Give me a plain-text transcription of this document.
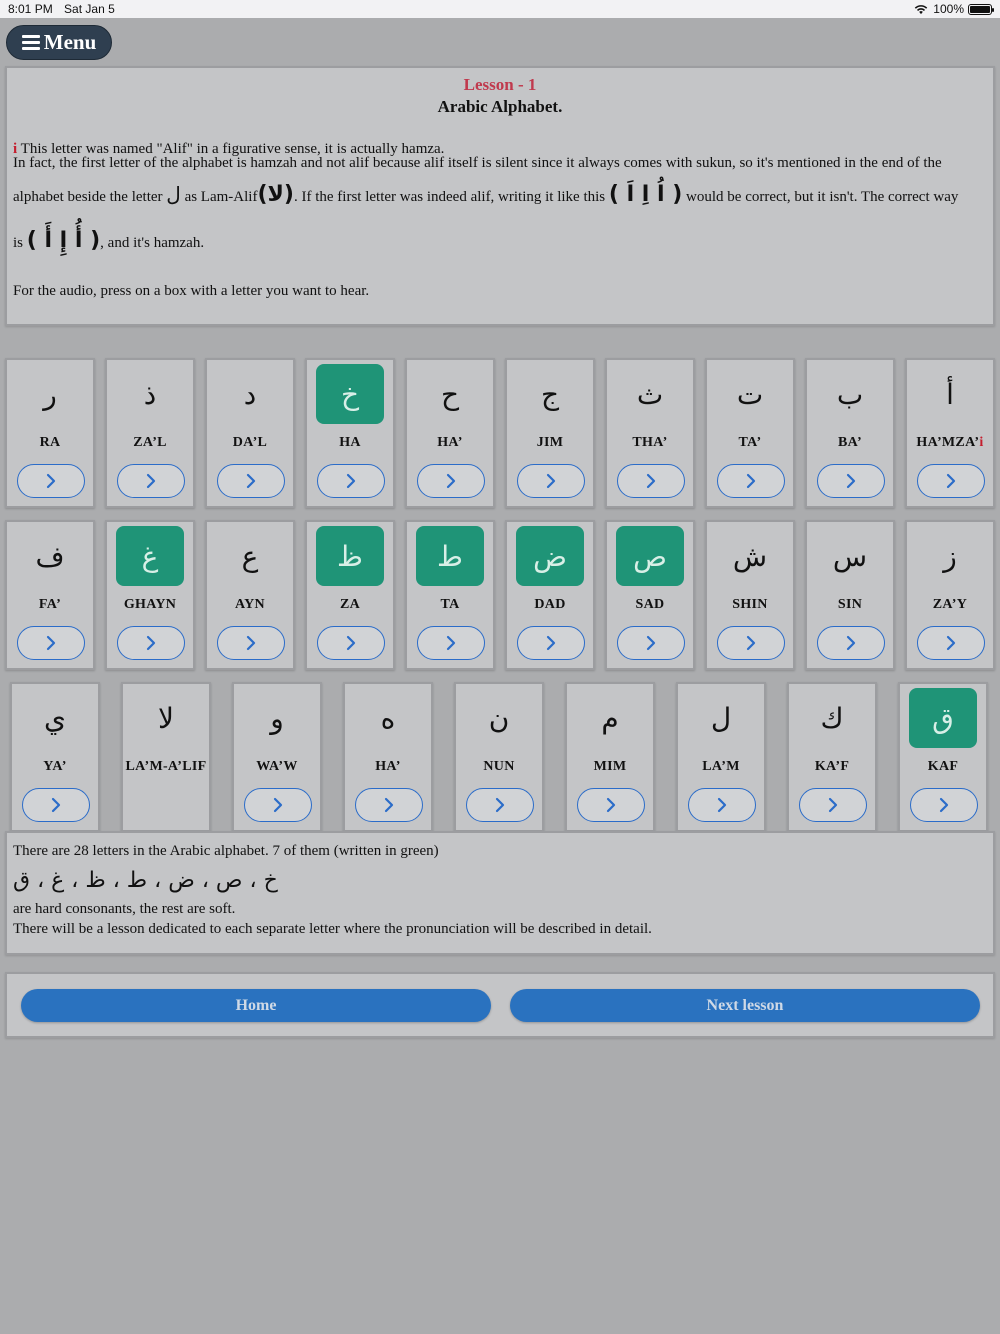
8:01 PM Sat Jan 5	100%
Menu
Lesson - 1
Arabic Alphabet.

i This letter was named "Alif" in a figurative sense, it is actually hamza.

In fact, the first letter of the alphabet is hamzah and not alif because alif itself is silent since it always comes with sukun, so it's mentioned in the end of the
alphabet beside the letter ل as Lam-Alif(لا). If the first letter was indeed alif, writing it like this ( اُ اِ اَ ) would be correct, but it isn't. The correct way
is ( أُ إِ أَ ), and it's hamzah.

For the audio, press on a box with a letter you want to hear.

ر
RA
ذ
ZA’L
د
DA’L
خ
HA
ح
HA’
ج
JIM
ث
THA’
ت
TA’
ب
BA’
أ
HA’MZA’i
ف
FA’
غ
GHAYN
ع
AYN
ظ
ZA
ط
TA
ض
DAD
ص
SAD
ش
SHIN
س
SIN
ز
ZA’Y
ي
YA’
لا
LA’M-A’LIF
و
WA’W
ه
HA’
ن
NUN
م
MIM
ل
LA’M
ك
KA’F
ق
KAF
There are 28 letters in the Arabic alphabet. 7 of them (written in green)
خ ، ص ، ض ، ط ، ظ ، غ ، ق
are hard consonants, the rest are soft.
There will be a lesson dedicated to each separate letter where the pronunciation will be described in detail.
Home	Next lesson
